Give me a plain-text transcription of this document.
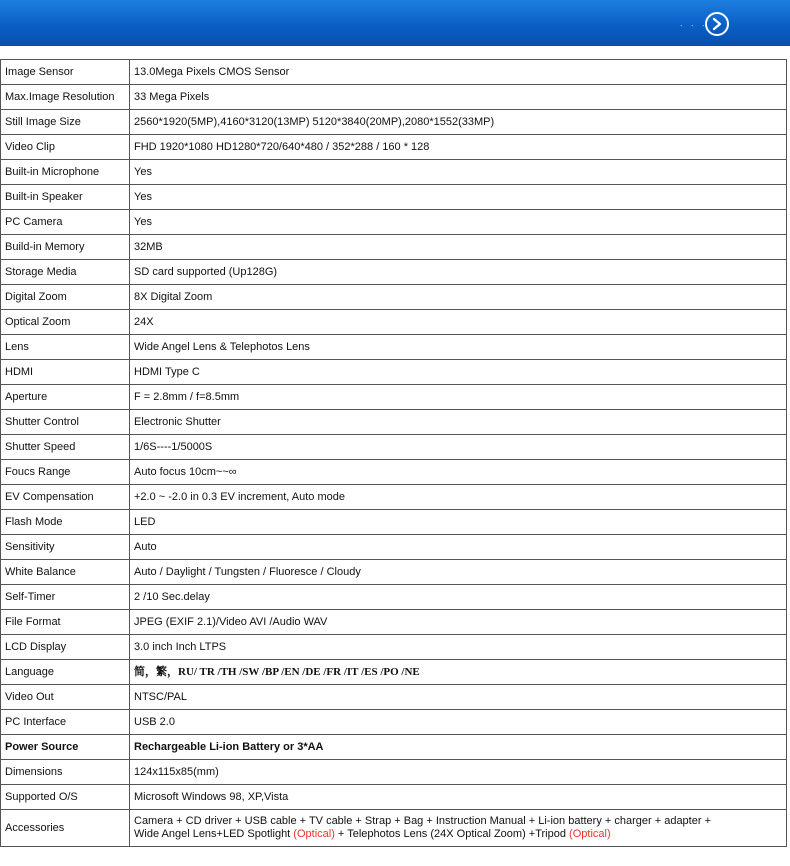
. . .
Image Sensor	13.0Mega Pixels CMOS Sensor
Max.Image Resolution	33 Mega Pixels
Still Image Size	2560*1920(5MP),4160*3120(13MP) 5120*3840(20MP),2080*1552(33MP)
Video Clip	FHD 1920*1080 HD1280*720/640*480 / 352*288 / 160 * 128
Built-in Microphone	Yes
Built-in Speaker	Yes
PC Camera	Yes
Build-in Memory	32MB
Storage Media	SD card supported (Up128G)
Digital Zoom	8X Digital Zoom
Optical Zoom	24X
Lens	Wide Angel Lens & Telephotos Lens
HDMI	HDMI Type C
Aperture	F = 2.8mm / f=8.5mm
Shutter Control	Electronic Shutter
Shutter Speed	1/6S----1/5000S
Foucs Range	Auto focus 10cm~~∞
EV Compensation	+2.0 ~ -2.0 in 0.3 EV increment, Auto mode
Flash Mode	LED
Sensitivity	Auto
White Balance	Auto / Daylight / Tungsten / Fluoresce / Cloudy
Self-Timer	2 /10 Sec.delay
File Format	JPEG (EXIF 2.1)/Video AVI /Audio WAV
LCD Display	3.0 inch Inch LTPS
Language	简，繁，RU/ TR /TH /SW /BP /EN /DE /FR /IT /ES /PO /NE
Video Out	NTSC/PAL
PC Interface	USB 2.0
Power Source	Rechargeable Li-ion Battery or 3*AA
Dimensions	124x115x85(mm)
Supported O/S	Microsoft Windows 98, XP,Vista
Accessories	Camera + CD driver + USB cable + TV cable + Strap + Bag + Instruction Manual + Li-ion battery + charger + adapter +
Wide Angel Lens+LED Spotlight (Optical) + Telephotos Lens (24X Optical Zoom) +Tripod (Optical)
